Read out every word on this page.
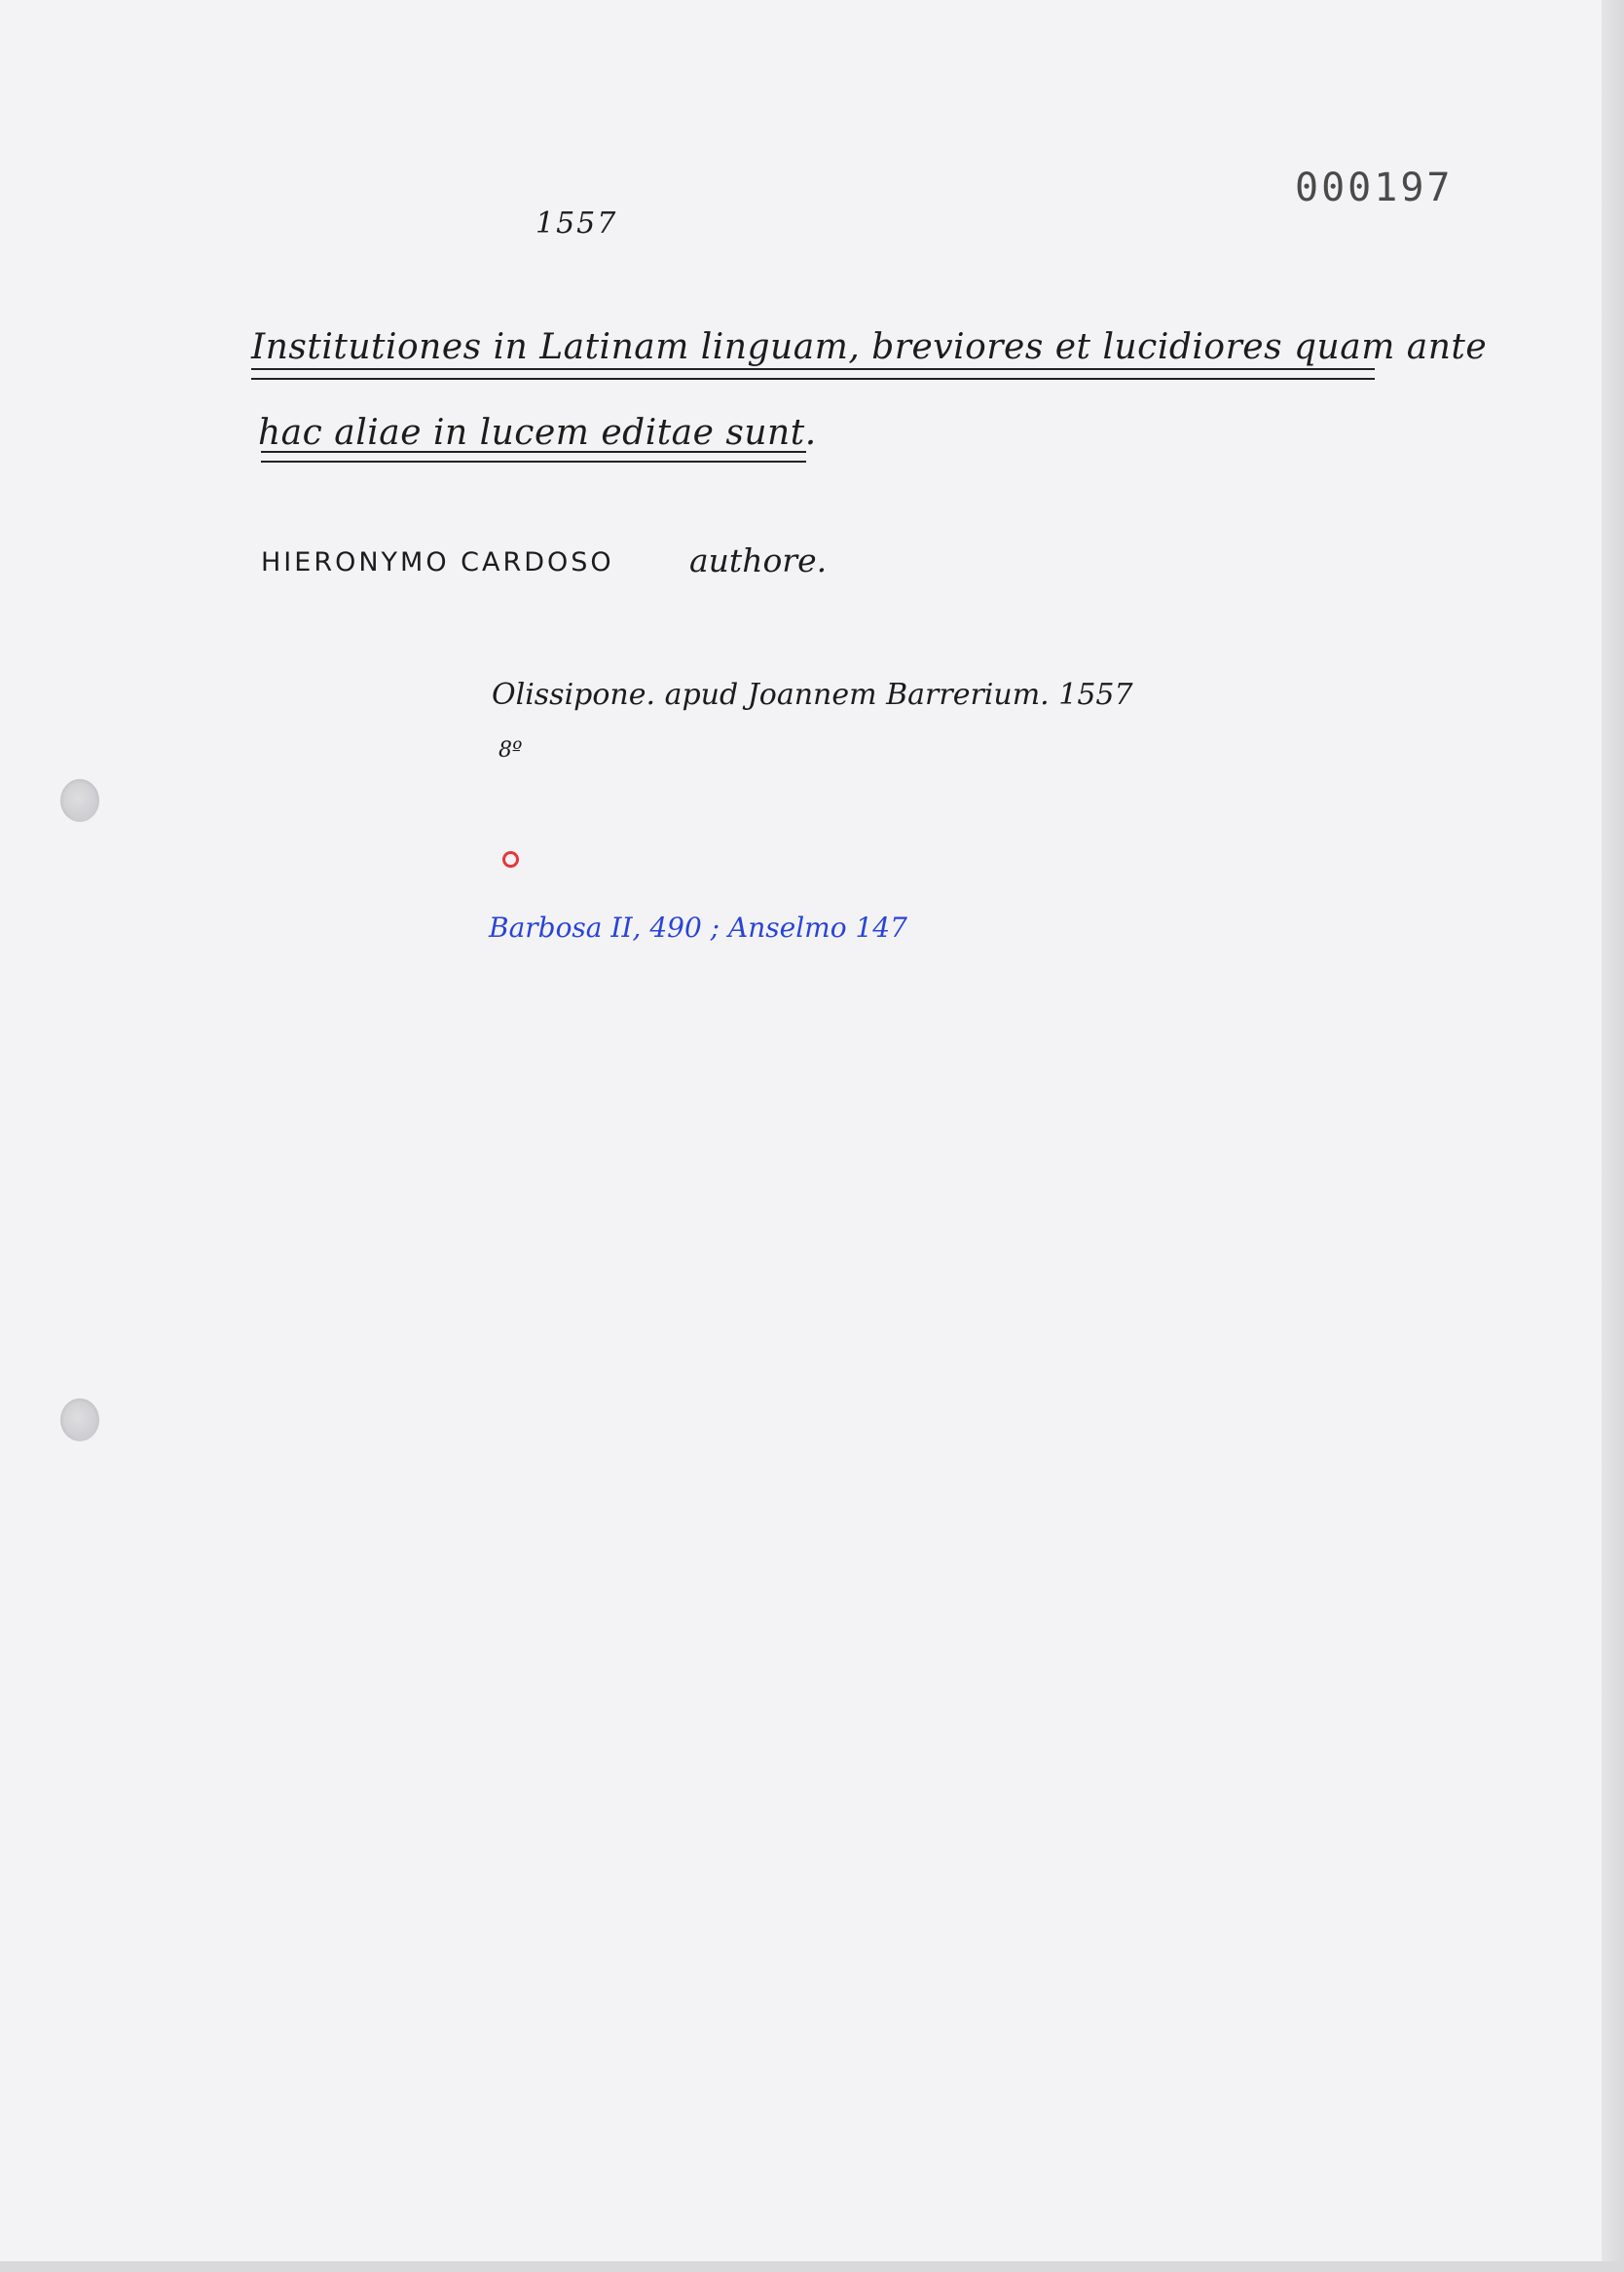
000197
1557
Institutiones in Latinam linguam, breviores et lucidiores quam ante
hac aliae in lucem editae sunt.
HIERONYMO CARDOSO authore.
Olissipone. apud Joannem Barrerium. 1557
8º
Barbosa II, 490 ; Anselmo 147
